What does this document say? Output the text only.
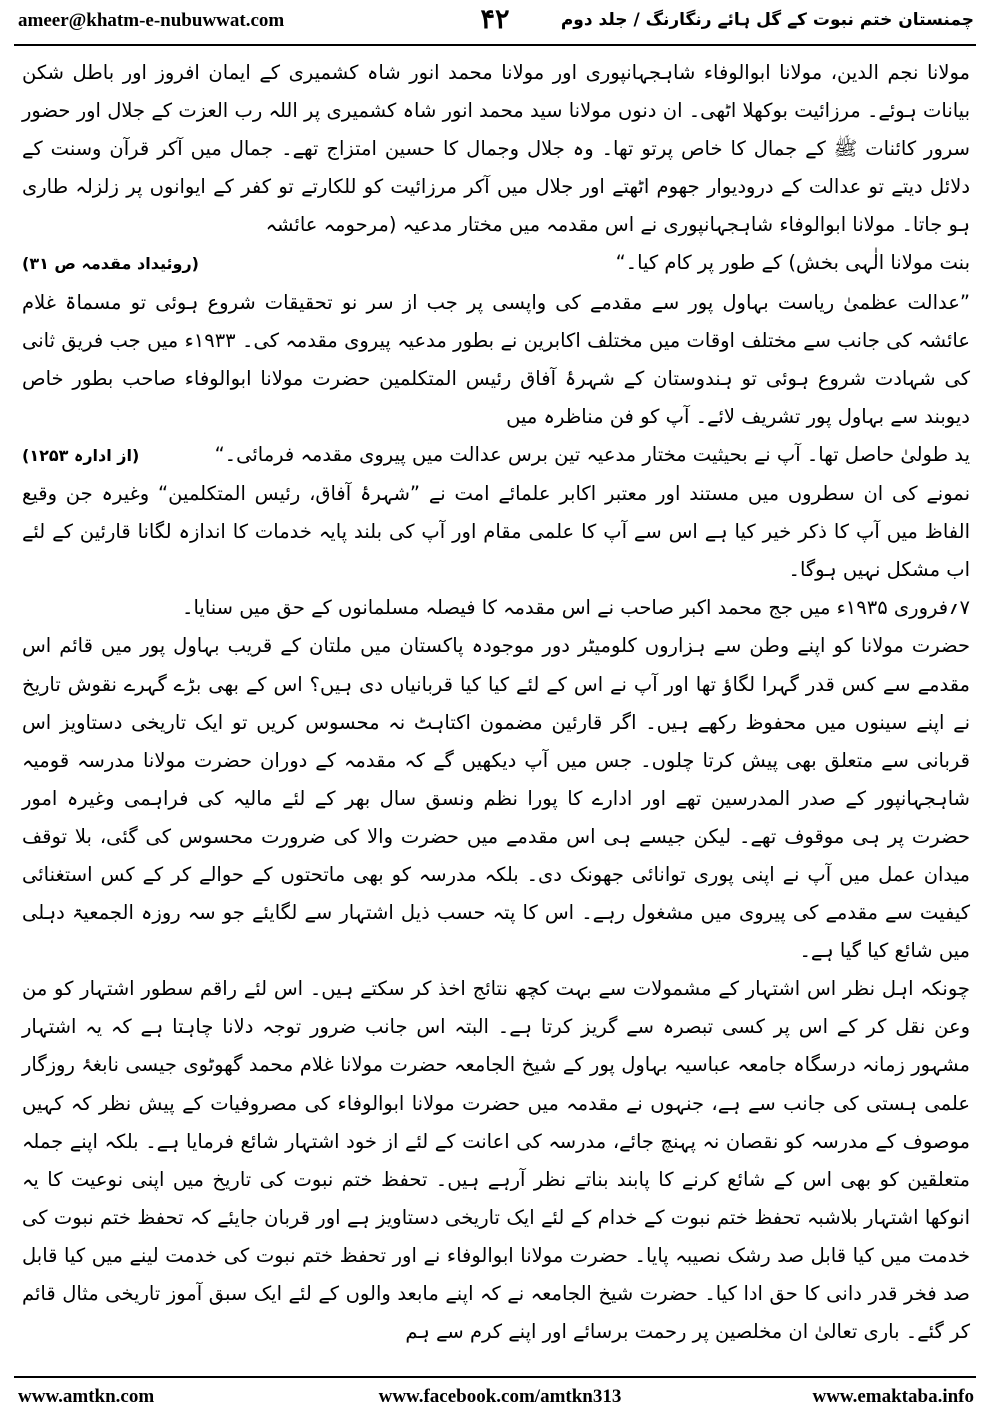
ameer@khatm-e-nubuwwat.com	۴۲	چمنستان ختم نبوت کے گل ہائے رنگارنگ / جلد دوم

مولانا نجم الدین، مولانا ابوالوفاء شاہجہانپوری اور مولانا محمد انور شاہ کشمیری کے ایمان افروز اور باطل شکن بیانات ہوئے۔ مرزائیت بوکھلا اٹھی۔ ان دنوں مولانا سید محمد انور شاہ کشمیری پر اللہ رب العزت کے جلال اور حضور سرور کائنات ﷺ کے جمال کا خاص پرتو تھا۔ وہ جلال وجمال کا حسین امتزاج تھے۔ جمال میں آکر قرآن وسنت کے دلائل دیتے تو عدالت کے درودیوار جھوم اٹھتے اور جلال میں آکر مرزائیت کو للکارتے تو کفر کے ایوانوں پر زلزلہ طاری ہو جاتا۔ مولانا ابوالوفاء شاہجہانپوری نے اس مقدمہ میں مختار مدعیہ (مرحومہ عائشہ

بنت مولانا الٰہی بخش) کے طور پر کام کیا۔“
(روئیداد مقدمہ ص ۳۱)

”عدالت عظمیٰ ریاست بہاول پور سے مقدمے کی واپسی پر جب از سر نو تحقیقات شروع ہوئی تو مسماۃ غلام عائشہ کی جانب سے مختلف اوقات میں مختلف اکابرین نے بطور مدعیہ پیروی مقدمہ کی۔ ۱۹۳۳ء میں جب فریق ثانی کی شہادت شروع ہوئی تو ہندوستان کے شہرۂ آفاق رئیس المتکلمین حضرت مولانا ابوالوفاء صاحب بطور خاص دیوبند سے بہاول پور تشریف لائے۔ آپ کو فن مناظرہ میں

ید طولیٰ حاصل تھا۔ آپ نے بحیثیت مختار مدعیہ تین برس عدالت میں پیروی مقدمہ فرمائی۔“
(از ادارہ ۱۲۵۳)

نمونے کی ان سطروں میں مستند اور معتبر اکابر علمائے امت نے ”شہرۂ آفاق، رئیس المتکلمین“ وغیرہ جن وقیع الفاظ میں آپ کا ذکر خیر کیا ہے اس سے آپ کا علمی مقام اور آپ کی بلند پایہ خدمات کا اندازہ لگانا قارئین کے لئے اب مشکل نہیں ہوگا۔

۷؍فروری ۱۹۳۵ء میں جج محمد اکبر صاحب نے اس مقدمہ کا فیصلہ مسلمانوں کے حق میں سنایا۔

حضرت مولانا کو اپنے وطن سے ہزاروں کلومیٹر دور موجودہ پاکستان میں ملتان کے قریب بہاول پور میں قائم اس مقدمے سے کس قدر گہرا لگاؤ تھا اور آپ نے اس کے لئے کیا کیا قربانیاں دی ہیں؟ اس کے بھی بڑے گہرے نقوش تاریخ نے اپنے سینوں میں محفوظ رکھے ہیں۔ اگر قارئین مضمون اکتاہٹ نہ محسوس کریں تو ایک تاریخی دستاویز اس قربانی سے متعلق بھی پیش کرتا چلوں۔ جس میں آپ دیکھیں گے کہ مقدمہ کے دوران حضرت مولانا مدرسہ قومیہ شاہجہانپور کے صدر المدرسین تھے اور ادارے کا پورا نظم ونسق سال بھر کے لئے مالیہ کی فراہمی وغیرہ امور حضرت پر ہی موقوف تھے۔ لیکن جیسے ہی اس مقدمے میں حضرت والا کی ضرورت محسوس کی گئی، بلا توقف میدان عمل میں آپ نے اپنی پوری توانائی جھونک دی۔ بلکہ مدرسہ کو بھی ماتحتوں کے حوالے کر کے کس استغنائی کیفیت سے مقدمے کی پیروی میں مشغول رہے۔ اس کا پتہ حسب ذیل اشتہار سے لگایئے جو سہ روزہ الجمعیۃ دہلی میں شائع کیا گیا ہے۔

چونکہ اہل نظر اس اشتہار کے مشمولات سے بہت کچھ نتائج اخذ کر سکتے ہیں۔ اس لئے راقم سطور اشتہار کو من وعن نقل کر کے اس پر کسی تبصرہ سے گریز کرتا ہے۔ البتہ اس جانب ضرور توجہ دلانا چاہتا ہے کہ یہ اشتہار مشہور زمانہ درسگاہ جامعہ عباسیہ بہاول پور کے شیخ الجامعہ حضرت مولانا غلام محمد گھوٹوی جیسی نابغۂ روزگار علمی ہستی کی جانب سے ہے، جنہوں نے مقدمہ میں حضرت مولانا ابوالوفاء کی مصروفیات کے پیش نظر کہ کہیں موصوف کے مدرسہ کو نقصان نہ پہنچ جائے، مدرسہ کی اعانت کے لئے از خود اشتہار شائع فرمایا ہے۔ بلکہ اپنے جملہ متعلقین کو بھی اس کے شائع کرنے کا پابند بناتے نظر آرہے ہیں۔ تحفظ ختم نبوت کی تاریخ میں اپنی نوعیت کا یہ انوکھا اشتہار بلاشبہ تحفظ ختم نبوت کے خدام کے لئے ایک تاریخی دستاویز ہے اور قربان جایئے کہ تحفظ ختم نبوت کی خدمت میں کیا قابل صد رشک نصیبہ پایا۔ حضرت مولانا ابوالوفاء نے اور تحفظ ختم نبوت کی خدمت لینے میں کیا قابل صد فخر قدر دانی کا حق ادا کیا۔ حضرت شیخ الجامعہ نے کہ اپنے مابعد والوں کے لئے ایک سبق آموز تاریخی مثال قائم کر گئے۔ باری تعالیٰ ان مخلصین پر رحمت برسائے اور اپنے کرم سے ہم

www.amtkn.com	www.facebook.com/amtkn313	www.emaktaba.info
